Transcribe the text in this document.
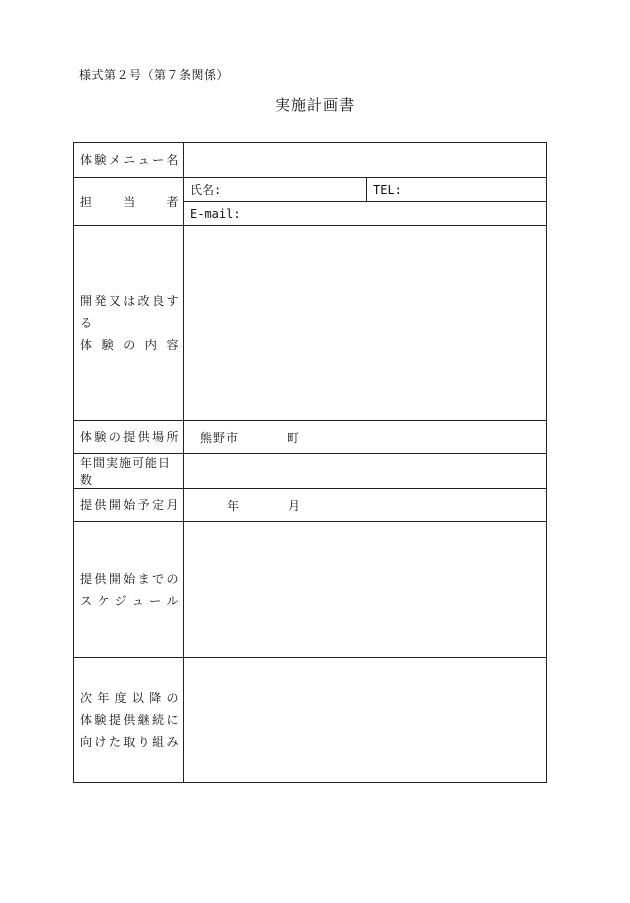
様式第２号（第７条関係）
実施計画書
体験メニュー名		
担　当　者	氏名:	TEL:
	E-mail:	

開発又は改良する
体 験 の 内 容		

体験の提供場所	熊野市 町	
年間実施可能日数		
提供開始予定月	年 月	

提供開始までの
スケジュール		

次年度以降の
体験提供継続に
向けた取り組み		
